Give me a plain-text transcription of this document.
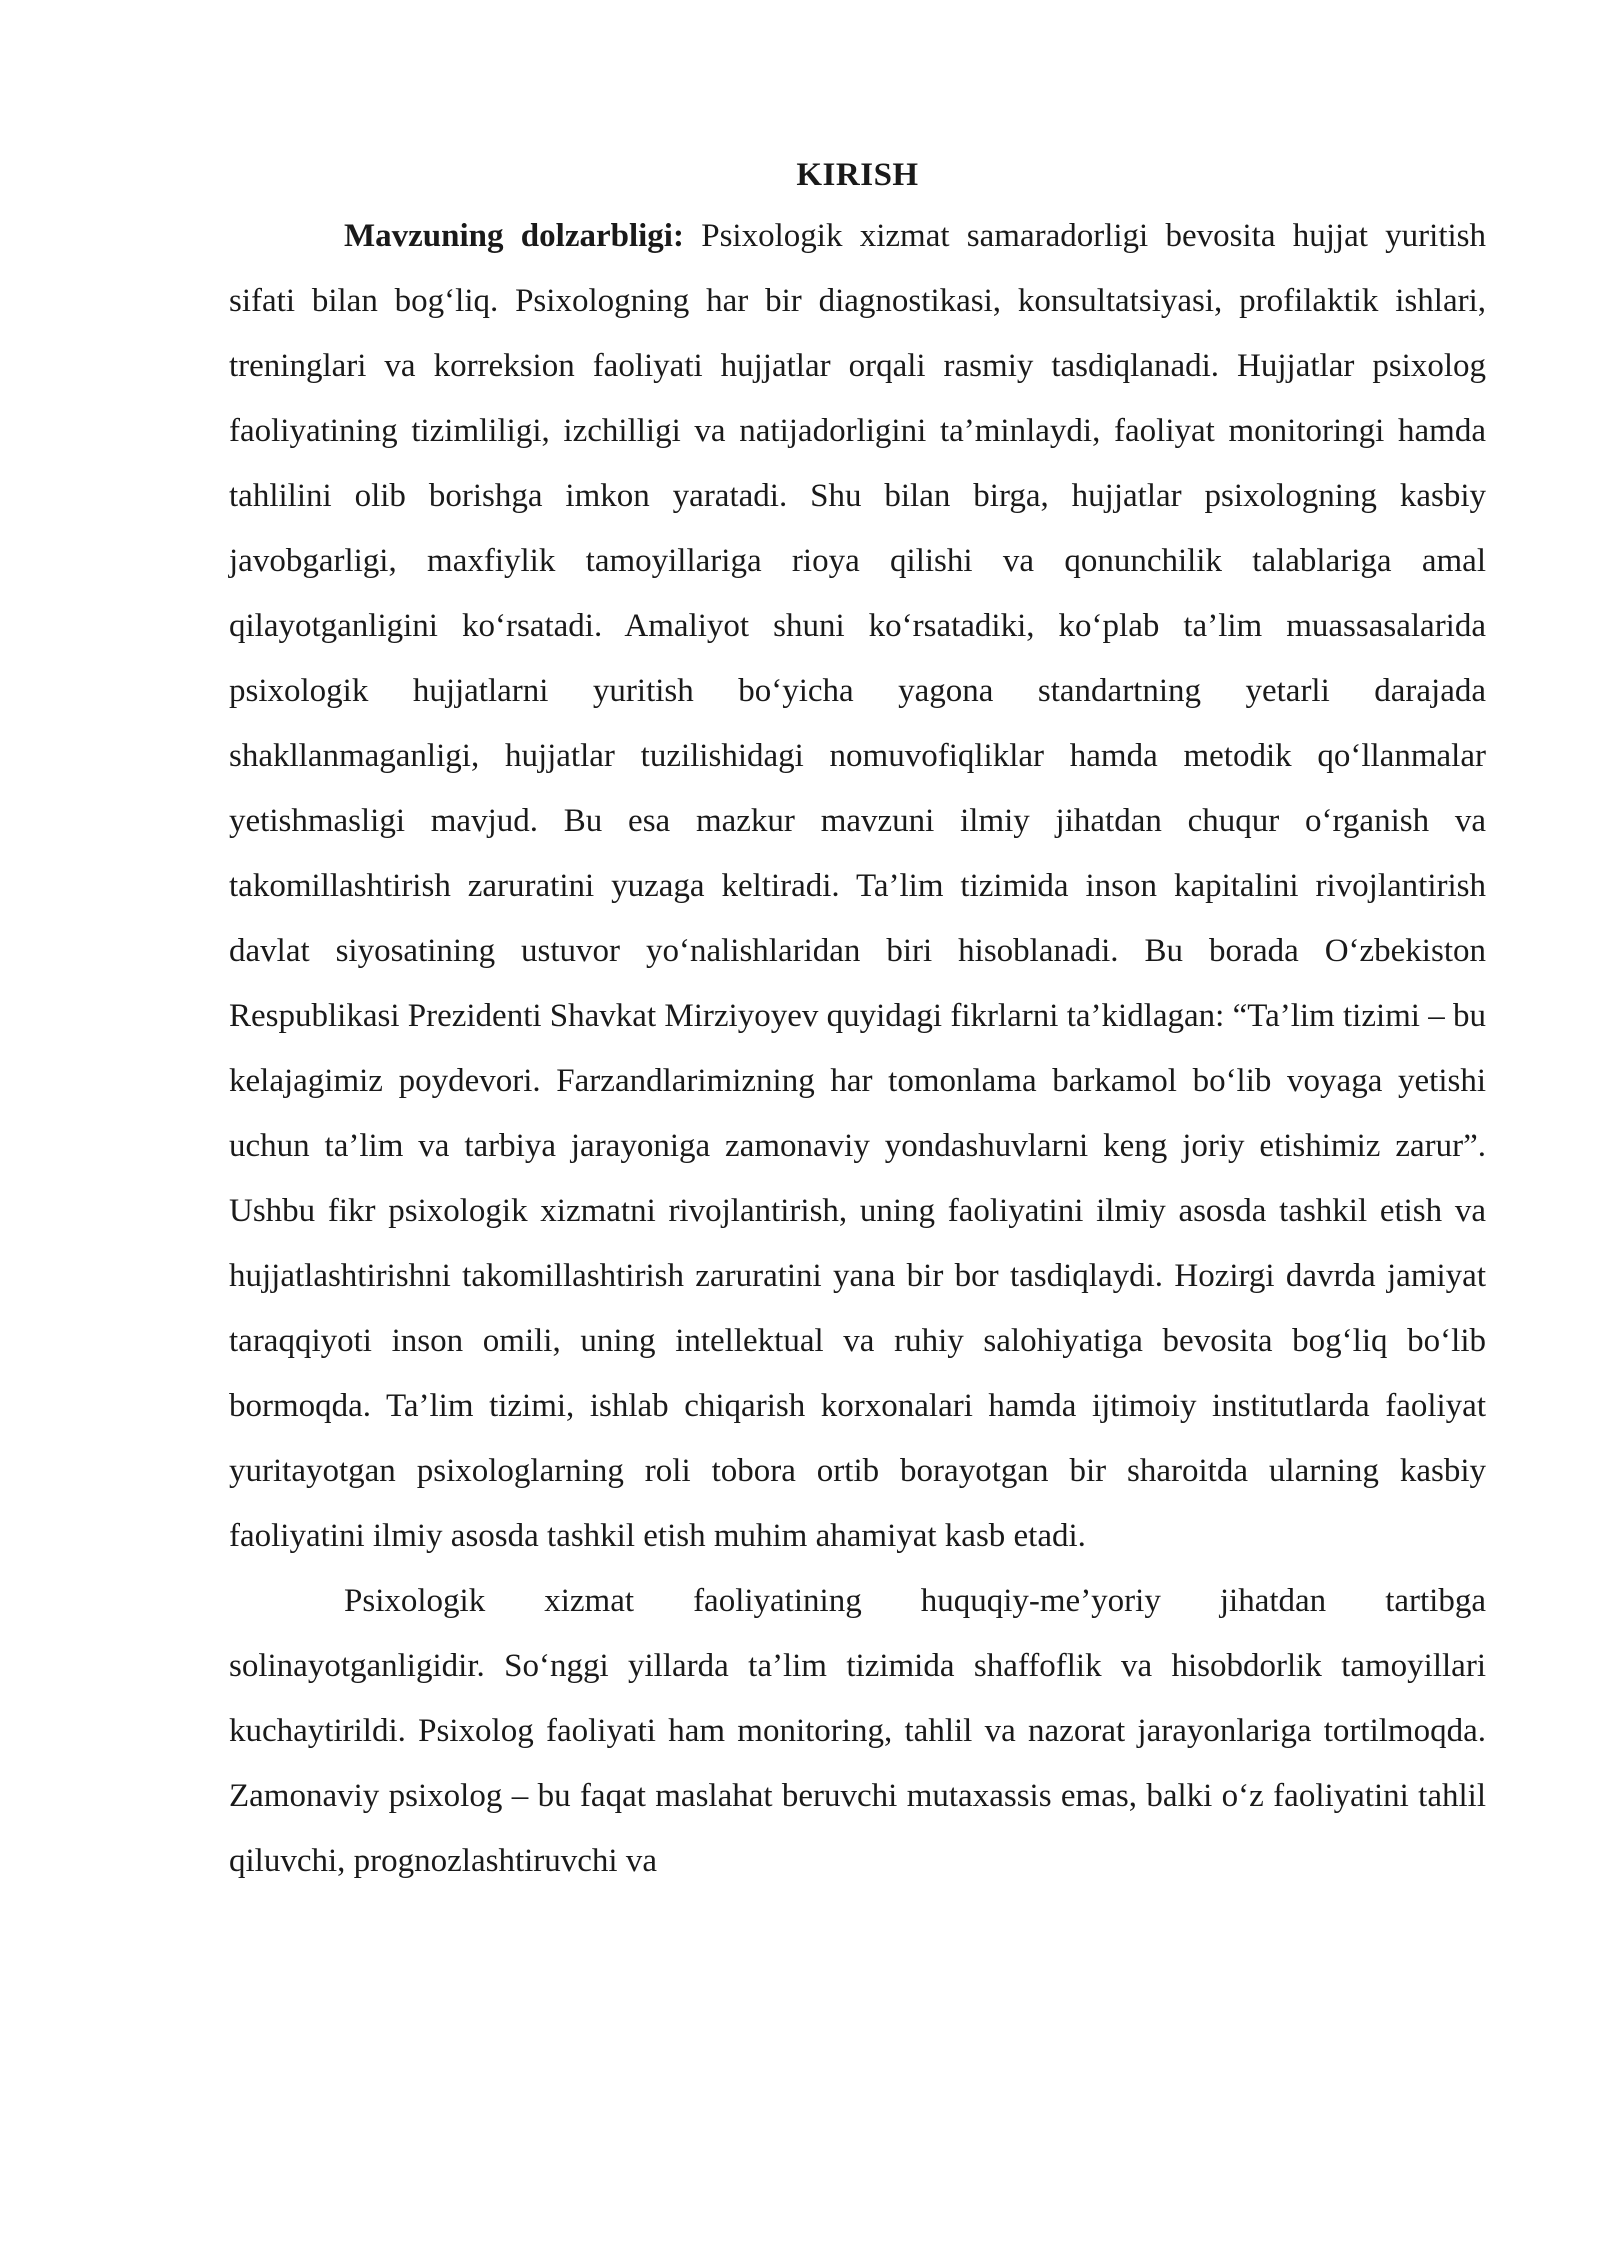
KIRISH

Mavzuning dolzarbligi: Psixologik xizmat samaradorligi bevosita hujjat yuritish sifati bilan bog‘liq. Psixologning har bir diagnostikasi, konsultatsiyasi, profilaktik ishlari, treninglari va korreksion faoliyati hujjatlar orqali rasmiy tasdiqlanadi. Hujjatlar psixolog faoliyatining tizimliligi, izchilligi va natijadorligini ta’minlaydi, faoliyat monitoringi hamda tahlilini olib borishga imkon yaratadi. Shu bilan birga, hujjatlar psixologning kasbiy javobgarligi, maxfiylik tamoyillariga rioya qilishi va qonunchilik talablariga amal qilayotganligini ko‘rsatadi. Amaliyot shuni ko‘rsatadiki, ko‘plab ta’lim muassasalarida psixologik hujjatlarni yuritish bo‘yicha yagona standartning yetarli darajada shakllanmaganligi, hujjatlar tuzilishidagi nomuvofiqliklar hamda metodik qo‘llanmalar yetishmasligi mavjud. Bu esa mazkur mavzuni ilmiy jihatdan chuqur o‘rganish va takomillashtirish zaruratini yuzaga keltiradi. Ta’lim tizimida inson kapitalini rivojlantirish davlat siyosatining ustuvor yo‘nalishlaridan biri hisoblanadi. Bu borada O‘zbekiston Respublikasi Prezidenti Shavkat Mirziyoyev quyidagi fikrlarni ta’kidlagan: “Ta’lim tizimi – bu kelajagimiz poydevori. Farzandlarimizning har tomonlama barkamol bo‘lib voyaga yetishi uchun ta’lim va tarbiya jarayoniga zamonaviy yondashuvlarni keng joriy etishimiz zarur”. Ushbu fikr psixologik xizmatni rivojlantirish, uning faoliyatini ilmiy asosda tashkil etish va hujjatlashtirishni takomillashtirish zaruratini yana bir bor tasdiqlaydi. Hozirgi davrda jamiyat taraqqiyoti inson omili, uning intellektual va ruhiy salohiyatiga bevosita bog‘liq bo‘lib bormoqda. Ta’lim tizimi, ishlab chiqarish korxonalari hamda ijtimoiy institutlarda faoliyat yuritayotgan psixologlarning roli tobora ortib borayotgan bir sharoitda ularning kasbiy faoliyatini ilmiy asosda tashkil etish muhim ahamiyat kasb etadi.

Psixologik xizmat faoliyatining huquqiy-me’yoriy jihatdan tartibga solinayotganligidir. So‘nggi yillarda ta’lim tizimida shaffoflik va hisobdorlik tamoyillari kuchaytirildi. Psixolog faoliyati ham monitoring, tahlil va nazorat jarayonlariga tortilmoqda. Zamonaviy psixolog – bu faqat maslahat beruvchi mutaxassis emas, balki o‘z faoliyatini tahlil qiluvchi, prognozlashtiruvchi va
